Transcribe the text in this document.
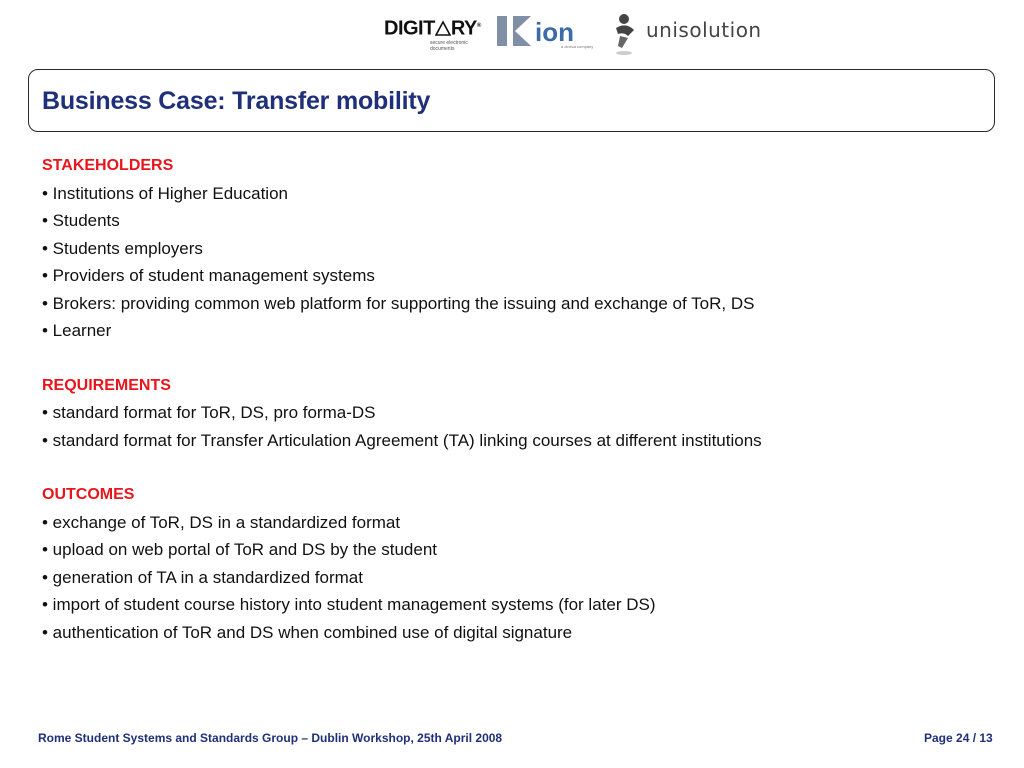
DIGIT RY®
secure electronic documents
ion
a cineca company
unisolution
Business Case: Transfer mobility

STAKEHOLDERS

• Institutions of Higher Education

• Students

• Students employers

• Providers of student management systems

• Brokers: providing common web platform for supporting the issuing and exchange of ToR, DS

• Learner

REQUIREMENTS

• standard format for ToR, DS, pro forma-DS

• standard format for Transfer Articulation Agreement (TA) linking courses at different institutions

OUTCOMES

• exchange of ToR, DS in a standardized format

• upload on web portal of ToR and DS by the student

• generation of TA in a standardized format

• import of student course history into student management systems (for later DS)

• authentication of ToR and DS when combined use of digital signature

Rome Student Systems and Standards Group – Dublin Workshop, 25th April 2008	Page 24 / 13
